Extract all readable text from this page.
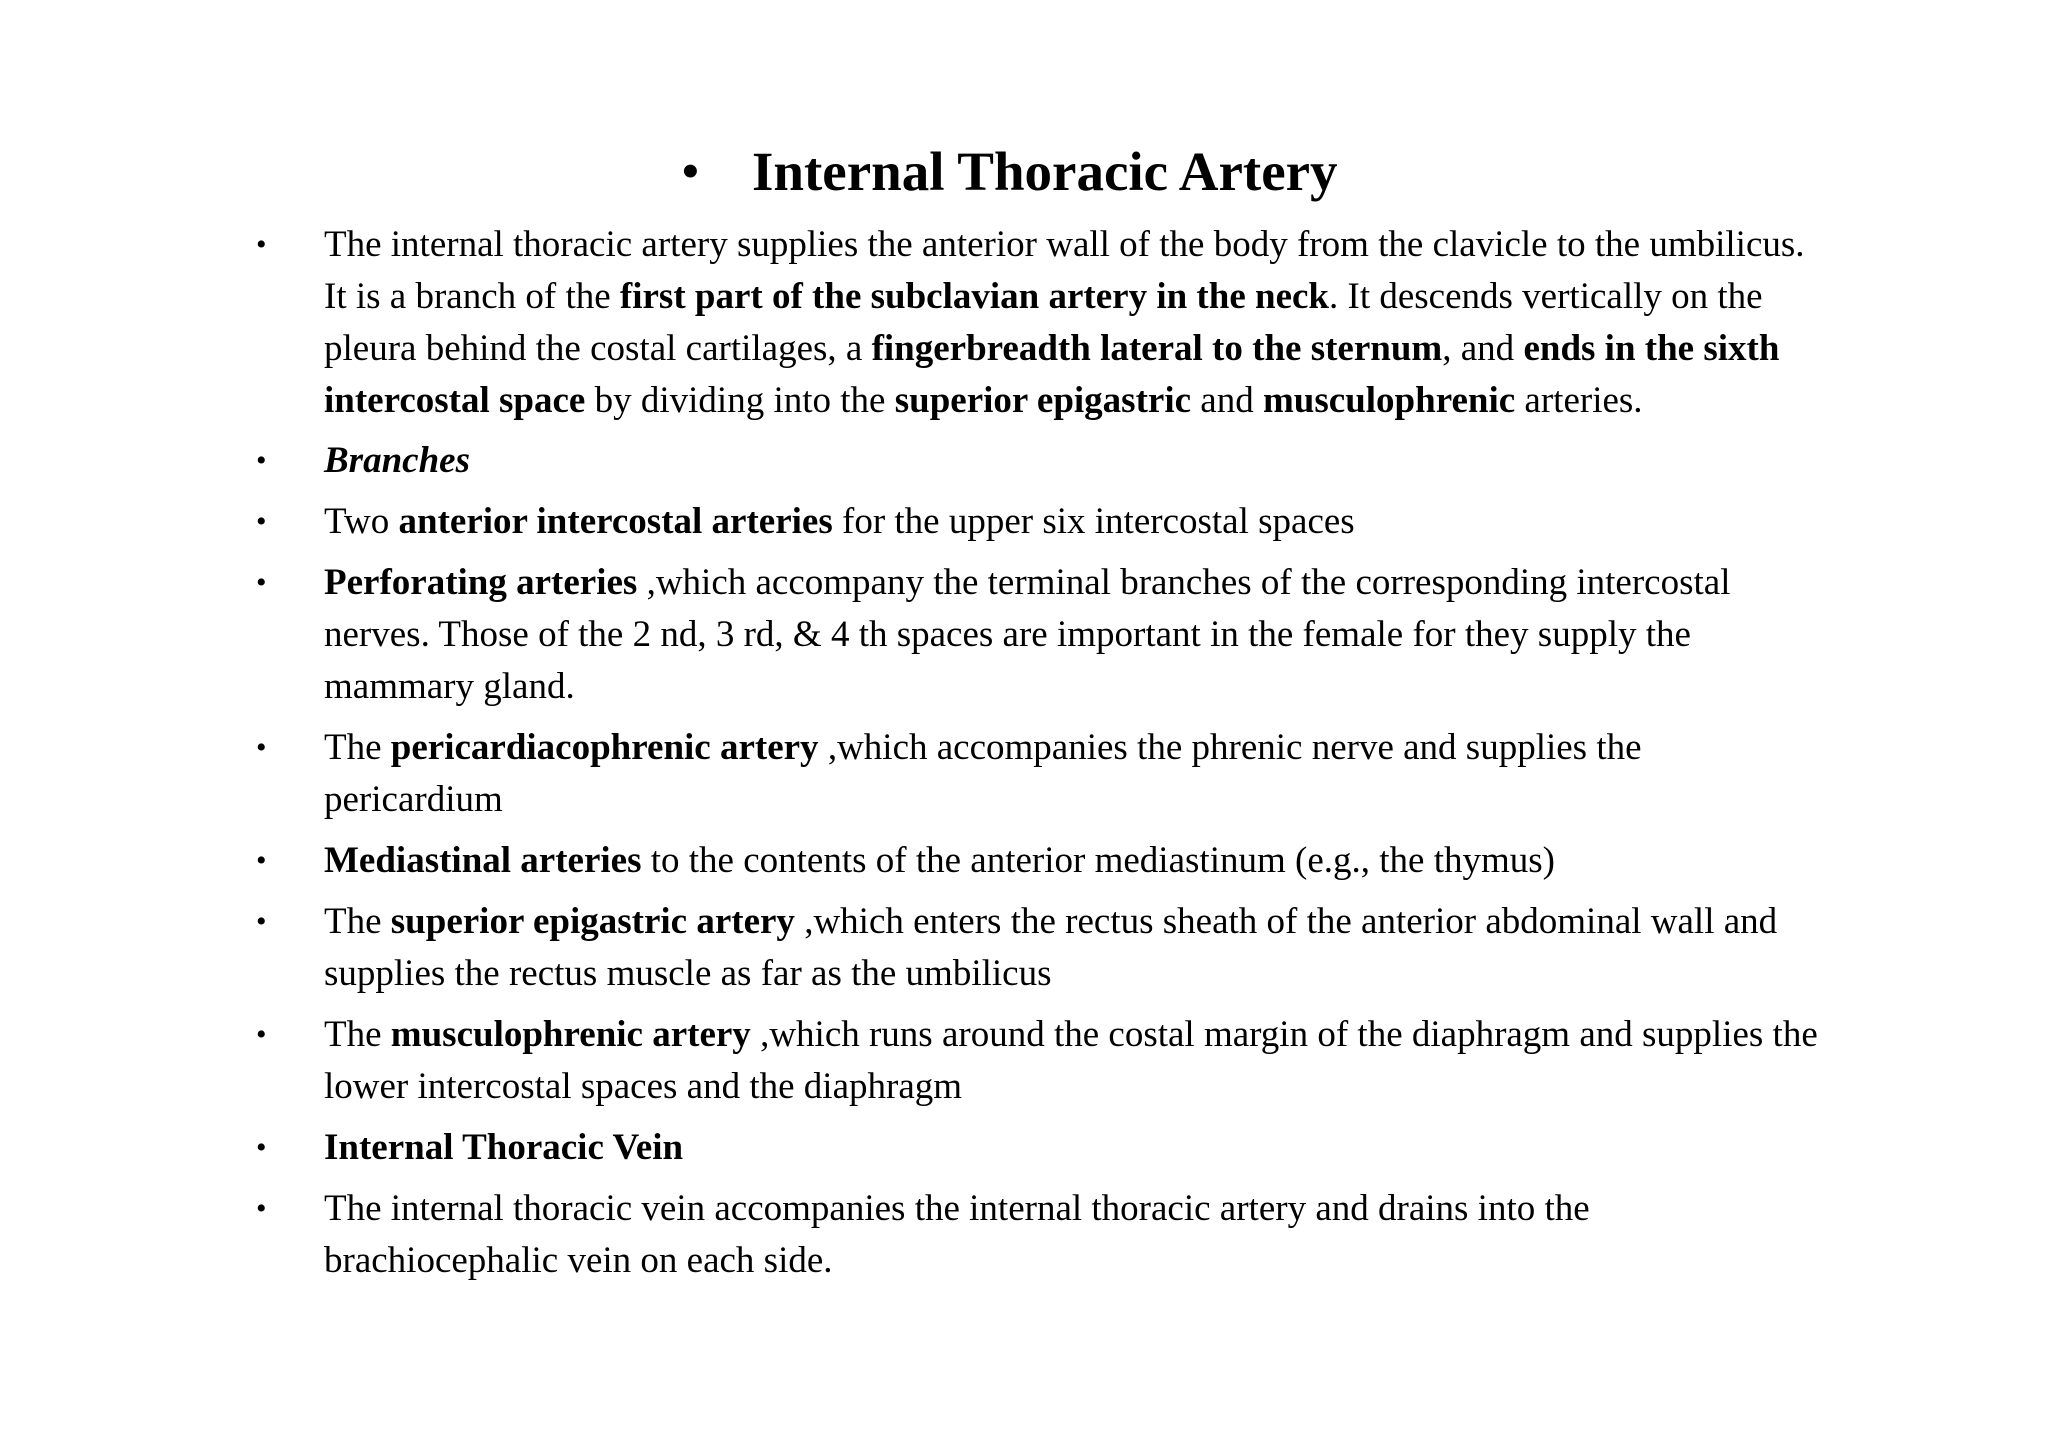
• Internal Thoracic Artery
• The internal thoracic artery supplies the anterior wall of the body from the clavicle to the umbilicus. It is a branch of the first part of the subclavian artery in the neck. It descends vertically on the pleura behind the costal cartilages, a fingerbreadth lateral to the sternum, and ends in the sixth intercostal space by dividing into the superior epigastric and musculophrenic arteries.
• Branches
• Two anterior intercostal arteries for the upper six intercostal spaces
• Perforating arteries ,which accompany the terminal branches of the corresponding intercostal nerves. Those of the 2 nd, 3 rd, & 4 th spaces are important in the female for they supply the mammary gland.
• The pericardiacophrenic artery ,which accompanies the phrenic nerve and supplies the pericardium
• Mediastinal arteries to the contents of the anterior mediastinum (e.g., the thymus)
• The superior epigastric artery ,which enters the rectus sheath of the anterior abdominal wall and supplies the rectus muscle as far as the umbilicus
• The musculophrenic artery ,which runs around the costal margin of the diaphragm and supplies the lower intercostal spaces and the diaphragm
• Internal Thoracic Vein
• The internal thoracic vein accompanies the internal thoracic artery and drains into the brachiocephalic vein on each side.
